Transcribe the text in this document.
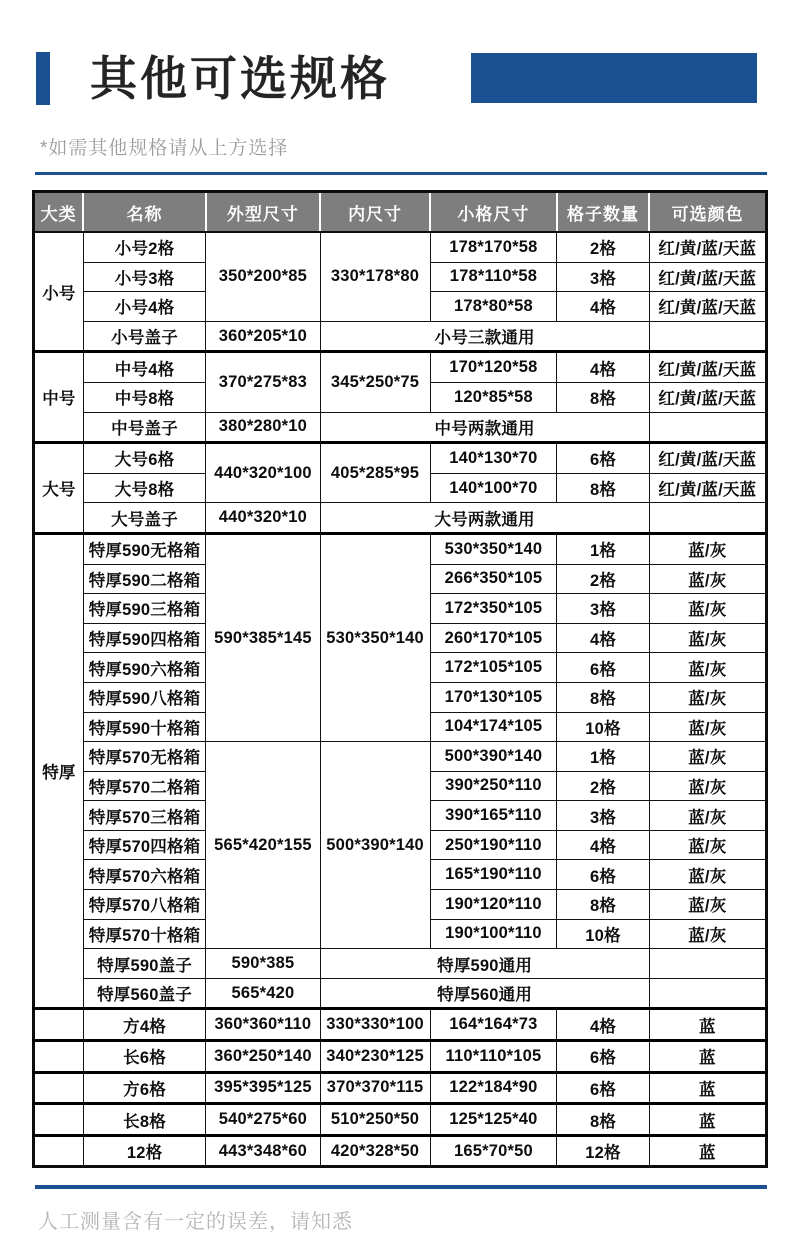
其他可选规格
*如需其他规格请从上方选择
大类	名称	外型尺寸	内尺寸	小格尺寸	格子数量	可选颜色
小号	小号2格	350*200*85	330*178*80	178*170*58	2格	红/黄/蓝/天蓝
	小号3格			178*110*58	3格	红/黄/蓝/天蓝
	小号4格			178*80*58	4格	红/黄/蓝/天蓝
	小号盖子	360*205*10	小号三款通用			
中号	中号4格	370*275*83	345*250*75	170*120*58	4格	红/黄/蓝/天蓝
	中号8格			120*85*58	8格	红/黄/蓝/天蓝
	中号盖子	380*280*10	中号两款通用			
大号	大号6格	440*320*100	405*285*95	140*130*70	6格	红/黄/蓝/天蓝
	大号8格			140*100*70	8格	红/黄/蓝/天蓝
	大号盖子	440*320*10	大号两款通用			
特厚	特厚590无格箱	590*385*145	530*350*140	530*350*140	1格	蓝/灰
	特厚590二格箱			266*350*105	2格	蓝/灰
	特厚590三格箱			172*350*105	3格	蓝/灰
	特厚590四格箱			260*170*105	4格	蓝/灰
	特厚590六格箱			172*105*105	6格	蓝/灰
	特厚590八格箱			170*130*105	8格	蓝/灰
	特厚590十格箱			104*174*105	10格	蓝/灰
	特厚570无格箱	565*420*155	500*390*140	500*390*140	1格	蓝/灰
	特厚570二格箱			390*250*110	2格	蓝/灰
	特厚570三格箱			390*165*110	3格	蓝/灰
	特厚570四格箱			250*190*110	4格	蓝/灰
	特厚570六格箱			165*190*110	6格	蓝/灰
	特厚570八格箱			190*120*110	8格	蓝/灰
	特厚570十格箱			190*100*110	10格	蓝/灰
	特厚590盖子	590*385	特厚590通用			
	特厚560盖子	565*420	特厚560通用			
	方4格	360*360*110	330*330*100	164*164*73	4格	蓝
	长6格	360*250*140	340*230*125	110*110*105	6格	蓝
	方6格	395*395*125	370*370*115	122*184*90	6格	蓝
	长8格	540*275*60	510*250*50	125*125*40	8格	蓝
	12格	443*348*60	420*328*50	165*70*50	12格	蓝
人工测量含有一定的误差，请知悉
